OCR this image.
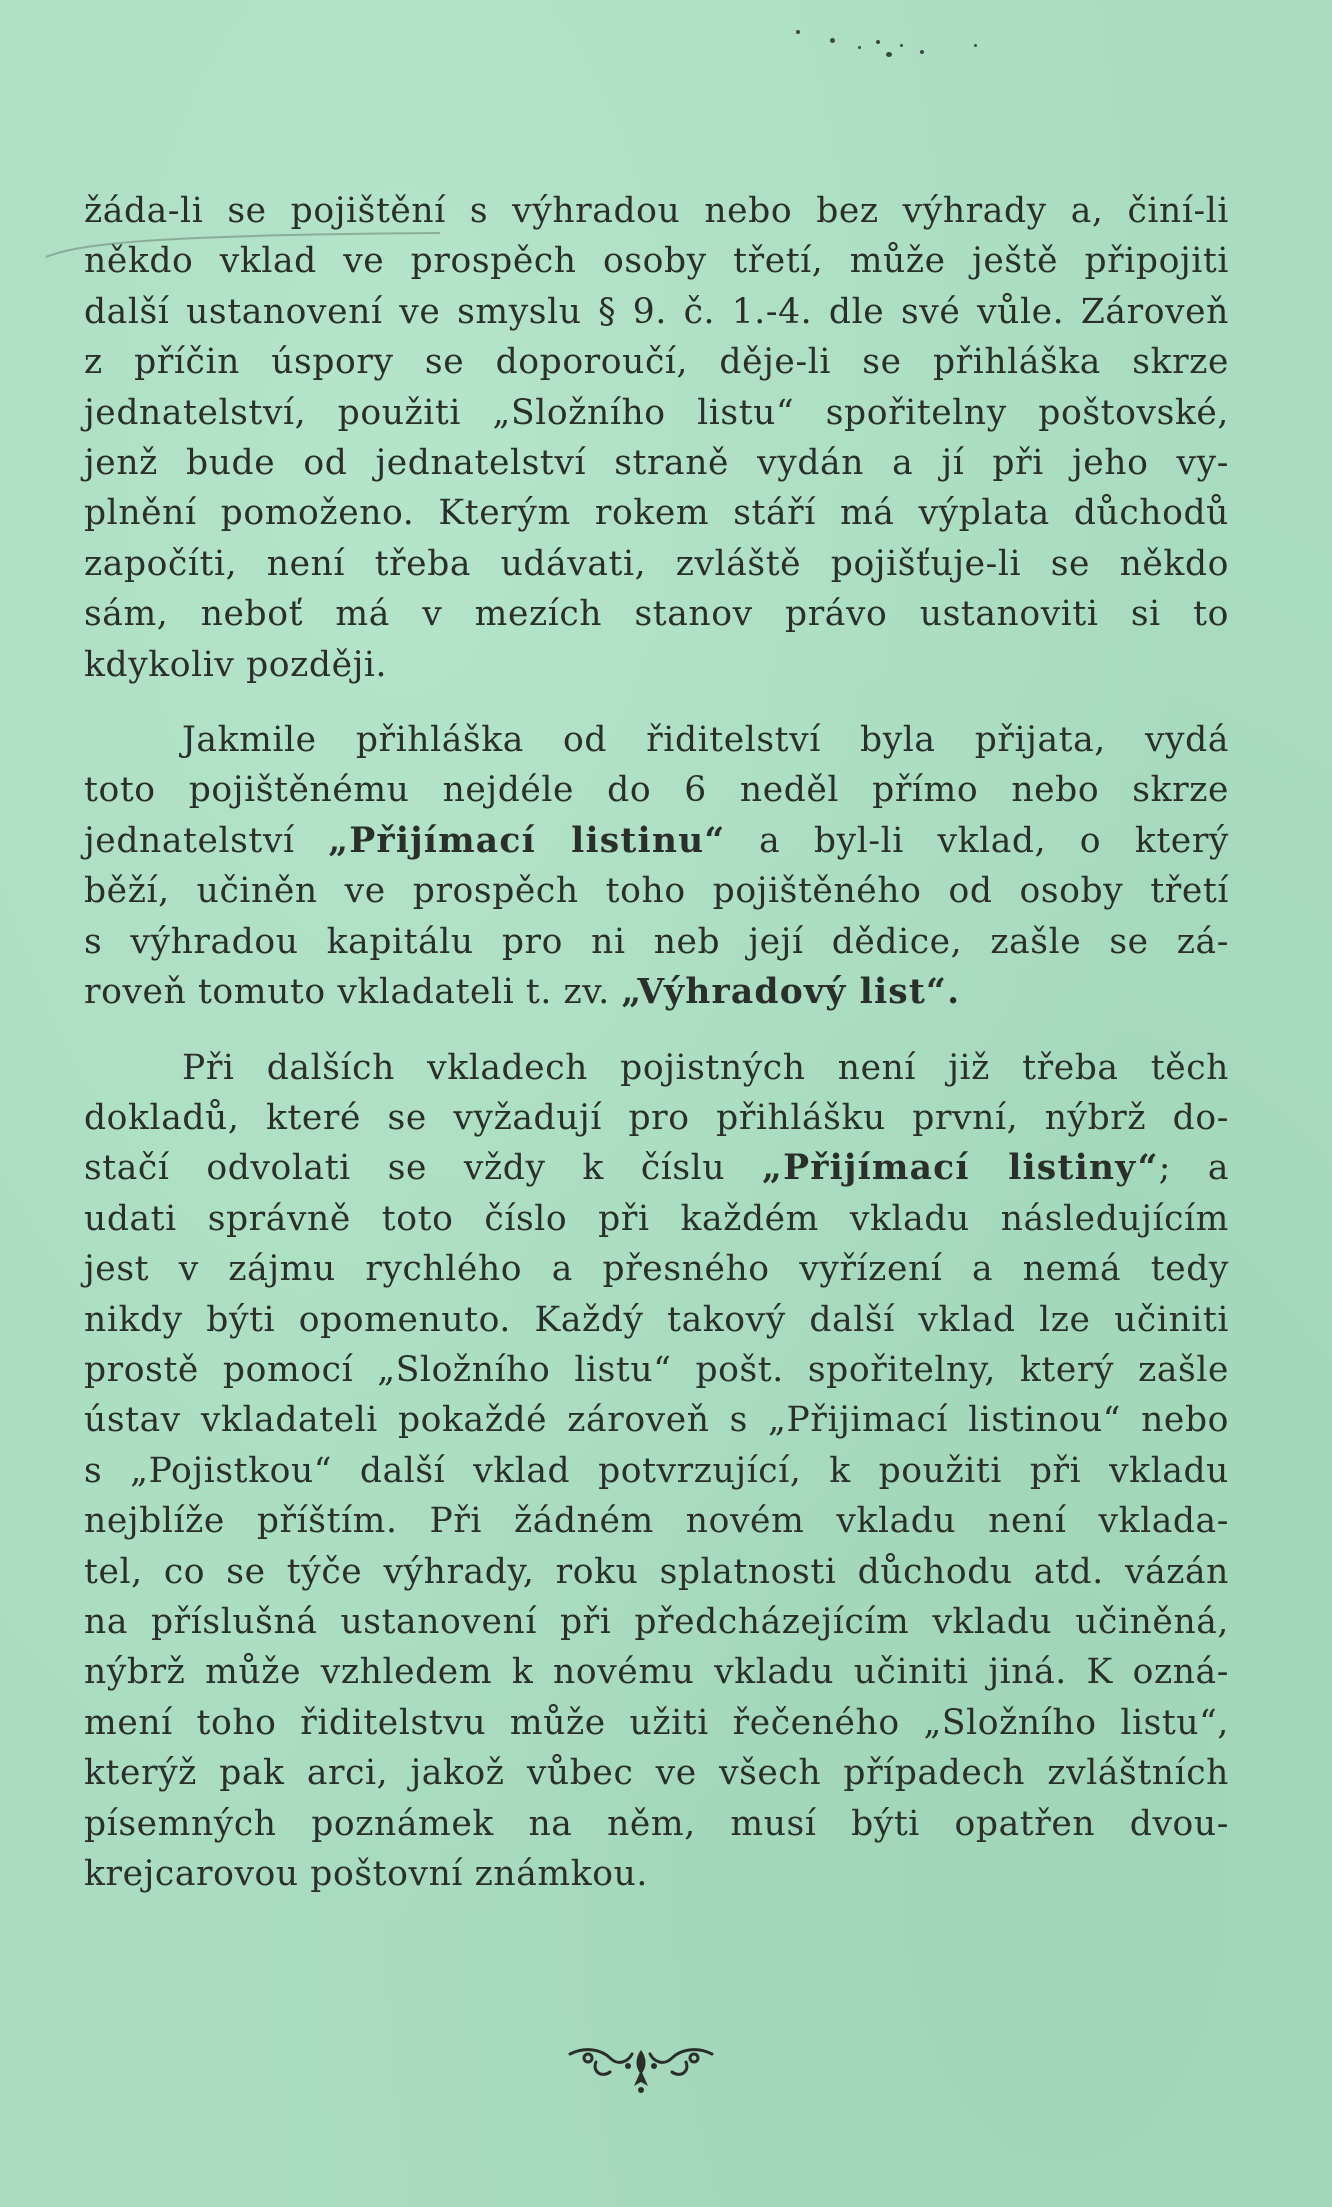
žáda-li se pojištění s výhradou nebo bez výhrady a, činí-li
někdo vklad ve prospěch osoby třetí, může ještě připojiti
další ustanovení ve smyslu § 9. č. 1.-4. dle své vůle. Zároveň
z příčin úspory se doporoučí, děje-li se přihláška skrze
jednatelství, použiti „Složního listu“ spořitelny poštovské,
jenž bude od jednatelství straně vydán a jí při jeho vy-
plnění pomoženo. Kterým rokem stáří má výplata důchodů
započíti, není třeba udávati, zvláště pojišťuje-li se někdo
sám, neboť má v mezích stanov právo ustanoviti si to
kdykoliv později.

Jakmile přihláška od řiditelství byla přijata, vydá
toto pojištěnému nejdéle do 6 neděl přímo nebo skrze
jednatelství „Přijímací listinu“ a byl-li vklad, o který
běží, učiněn ve prospěch toho pojištěného od osoby třetí
s výhradou kapitálu pro ni neb její dědice, zašle se zá-
roveň tomuto vkladateli t. zv. „Výhradový list“.

Při dalších vkladech pojistných není již třeba těch
dokladů, které se vyžadují pro přihlášku první, nýbrž do-
stačí odvolati se vždy k číslu „Přijímací listiny“; a
udati správně toto číslo při každém vkladu následujícím
jest v zájmu rychlého a přesného vyřízení a nemá tedy
nikdy býti opomenuto. Každý takový další vklad lze učiniti
prostě pomocí „Složního listu“ pošt. spořitelny, který zašle
ústav vkladateli pokaždé zároveň s „Přijimací listinou“ nebo
s „Pojistkou“ další vklad potvrzující, k použiti při vkladu
nejblíže příštím. Při žádném novém vkladu není vklada-
tel, co se týče výhrady, roku splatnosti důchodu atd. vázán
na příslušná ustanovení při předcházejícím vkladu učiněná,
nýbrž může vzhledem k novému vkladu učiniti jiná. K ozná-
mení toho řiditelstvu může užiti řečeného „Složního listu“,
kterýž pak arci, jakož vůbec ve všech případech zvláštních
písemných poznámek na něm, musí býti opatřen dvou-
krejcarovou poštovní známkou.
